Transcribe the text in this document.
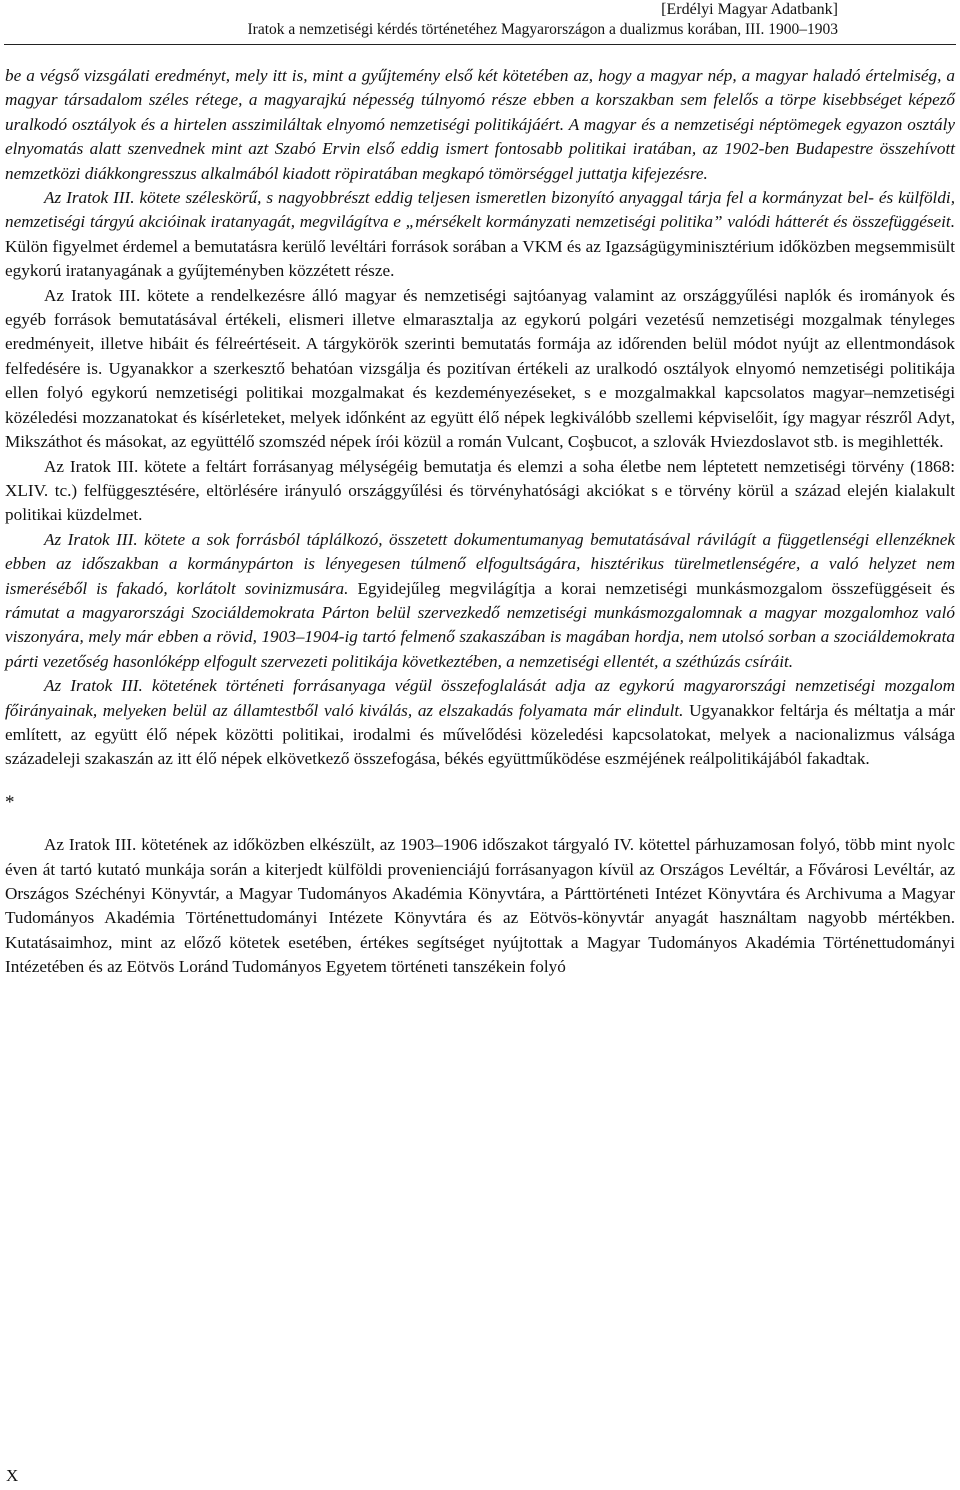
[Erdélyi Magyar Adatbank]
Iratok a nemzetiségi kérdés történetéhez Magyarországon a dualizmus korában, III. 1900–1903

be a végső vizsgálati eredményt, mely itt is, mint a gyűjtemény első két kötetében az, hogy a magyar nép, a magyar haladó értelmiség, a magyar társadalom széles rétege, a magyarajkú népesség túlnyomó része ebben a korszakban sem felelős a törpe kisebbséget képező uralkodó osztályok és a hirtelen asszimiláltak elnyomó nemzetiségi politikájáért. A magyar és a nemzetiségi néptömegek egyazon osztály elnyomatás alatt szenvednek mint azt Szabó Ervin első eddig ismert fontosabb politikai iratában, az 1902-ben Budapestre összehívott nemzetközi diákkongresszus alkalmából kiadott röpiratában megkapó tömörséggel juttatja kifejezésre.

Az Iratok III. kötete széleskörű, s nagyobbrészt eddig teljesen ismeretlen bizonyító anyaggal tárja fel a kormányzat bel- és külföldi, nemzetiségi tárgyú akcióinak iratanyagát, megvilágítva e „mérsékelt kormányzati nemzetiségi politika” valódi hátterét és összefüggéseit. Külön figyelmet érdemel a bemutatásra kerülő levéltári források sorában a VKM és az Igazságügyminisztérium időközben megsemmisült egykorú iratanyagának a gyűjteményben közzétett része.

Az Iratok III. kötete a rendelkezésre álló magyar és nemzetiségi sajtóanyag valamint az országgyűlési naplók és irományok és egyéb források bemutatásával értékeli, elismeri illetve elmarasztalja az egykorú polgári vezetésű nemzetiségi mozgalmak tényleges eredményeit, illetve hibáit és félreértéseit. A tárgykörök szerinti bemutatás formája az időrenden belül módot nyújt az ellentmondások felfedésére is. Ugyanakkor a szerkesztő behatóan vizsgálja és pozitívan értékeli az uralkodó osztályok elnyomó nemzetiségi politikája ellen folyó egykorú nemzetiségi politikai mozgalmakat és kezdeményezéseket, s e mozgalmakkal kapcsolatos magyar–nemzetiségi közéledési mozzanatokat és kísérleteket, melyek időnként az együtt élő népek legkiválóbb szellemi képviselőit, így magyar részről Adyt, Mikszáthot és másokat, az együttélő szomszéd népek írói közül a román Vulcant, Coşbucot, a szlovák Hviezdoslavot stb. is megihlették.

Az Iratok III. kötete a feltárt forrásanyag mélységéig bemutatja és elemzi a soha életbe nem léptetett nemzetiségi törvény (1868: XLIV. tc.) felfüggesztésére, eltörlésére irányuló országgyűlési és törvényhatósági akciókat s e törvény körül a század elején kialakult politikai küzdelmet.

Az Iratok III. kötete a sok forrásból táplálkozó, összetett dokumentumanyag bemutatásával rávilágít a függetlenségi ellenzéknek ebben az időszakban a kormánypárton is lényegesen túlmenő elfogultságára, hisztérikus türelmetlenségére, a való helyzet nem ismeréséből is fakadó, korlátolt sovinizmusára. Egyidejűleg megvilágítja a korai nemzetiségi munkásmozgalom összefüggéseit és rámutat a magyarországi Szociáldemokrata Párton belül szervezkedő nemzetiségi munkásmozgalomnak a magyar mozgalomhoz való viszonyára, mely már ebben a rövid, 1903–1904-ig tartó felmenő szakaszában is magában hordja, nem utolsó sorban a szociáldemokrata párti vezetőség hasonlóképp elfogult szervezeti politikája következtében, a nemzetiségi ellentét, a széthúzás csíráit.

Az Iratok III. kötetének történeti forrásanyaga végül összefoglalását adja az egykorú magyarországi nemzetiségi mozgalom főirányainak, melyeken belül az államtestből való kiválás, az elszakadás folyamata már elindult. Ugyanakkor feltárja és méltatja a már említett, az együtt élő népek közötti politikai, irodalmi és művelődési közeledési kapcsolatokat, melyek a nacionalizmus válsága századeleji szakaszán az itt élő népek elkövetkező összefogása, békés együttműködése eszméjének reálpolitikájából fakadtak.

*

Az Iratok III. kötetének az időközben elkészült, az 1903–1906 időszakot tárgyaló IV. kötettel párhuzamosan folyó, több mint nyolc éven át tartó kutató munkája során a kiterjedt külföldi provenienciájú forrásanyagon kívül az Országos Levéltár, a Fővárosi Levéltár, az Országos Széchényi Könyvtár, a Magyar Tudományos Akadémia Könyvtára, a Párttörténeti Intézet Könyvtára és Archivuma a Magyar Tudományos Akadémia Történettudományi Intézete Könyvtára és az Eötvös-könyvtár anyagát használtam nagyobb mértékben. Kutatásaimhoz, mint az előző kötetek esetében, értékes segítséget nyújtottak a Magyar Tudományos Akadémia Történettudományi Intézetében és az Eötvös Loránd Tudományos Egyetem történeti tanszékein folyó

X
